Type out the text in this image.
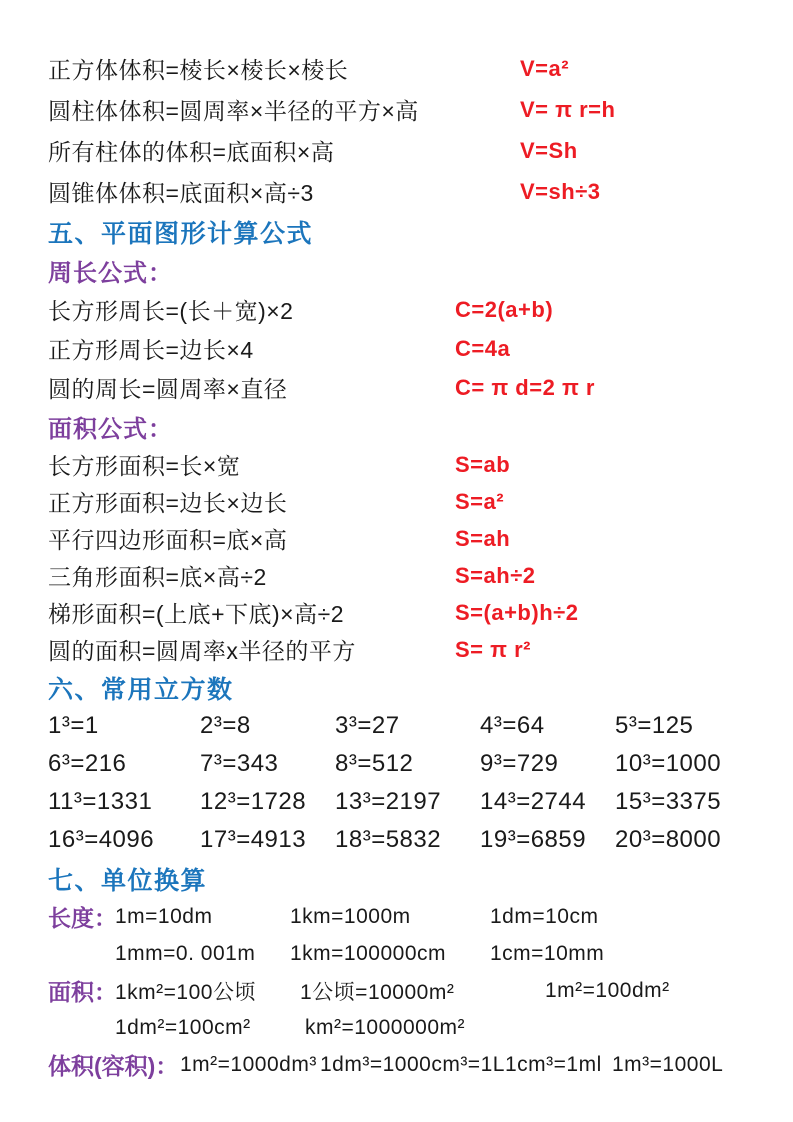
正方体体积=棱长×棱长×棱长	V=a²
圆柱体体积=圆周率×半径的平方×高	V= π r=h
所有柱体的体积=底面积×高	V=Sh
圆锥体体积=底面积×高÷3	V=sh÷3
五、平面图形计算公式
周长公式：
长方形周长=(长＋宽)×2	C=2(a+b)
正方形周长=边长×4	C=4a
圆的周长=圆周率×直径	C= π d=2 π r
面积公式：
长方形面积=长×宽	S=ab
正方形面积=边长×边长	S=a²
平行四边形面积=底×高	S=ah
三角形面积=底×高÷2	S=ah÷2
梯形面积=(上底+下底)×高÷2	S=(a+b)h÷2
圆的面积=圆周率x半径的平方	S= π r²
六、常用立方数
1³=1	2³=8	3³=27	4³=64	5³=125
6³=216	7³=343	8³=512	9³=729	10³=1000
11³=1331	12³=1728	13³=2197	14³=2744	15³=3375
16³=4096	17³=4913	18³=5832	19³=6859	20³=8000
七、单位换算
长度：
1m=10dm	1km=1000m	1dm=10cm
1mm=0. 001m	1km=100000cm	1cm=10mm
面积：
1km²=100公顷	1公顷=10000m²	1m²=100dm²
1dm²=100cm²	km²=1000000m²
体积(容积)： 1m²=1000dm³ 1dm³=1000cm³=1L 1cm³=1ml 1m³=1000L
